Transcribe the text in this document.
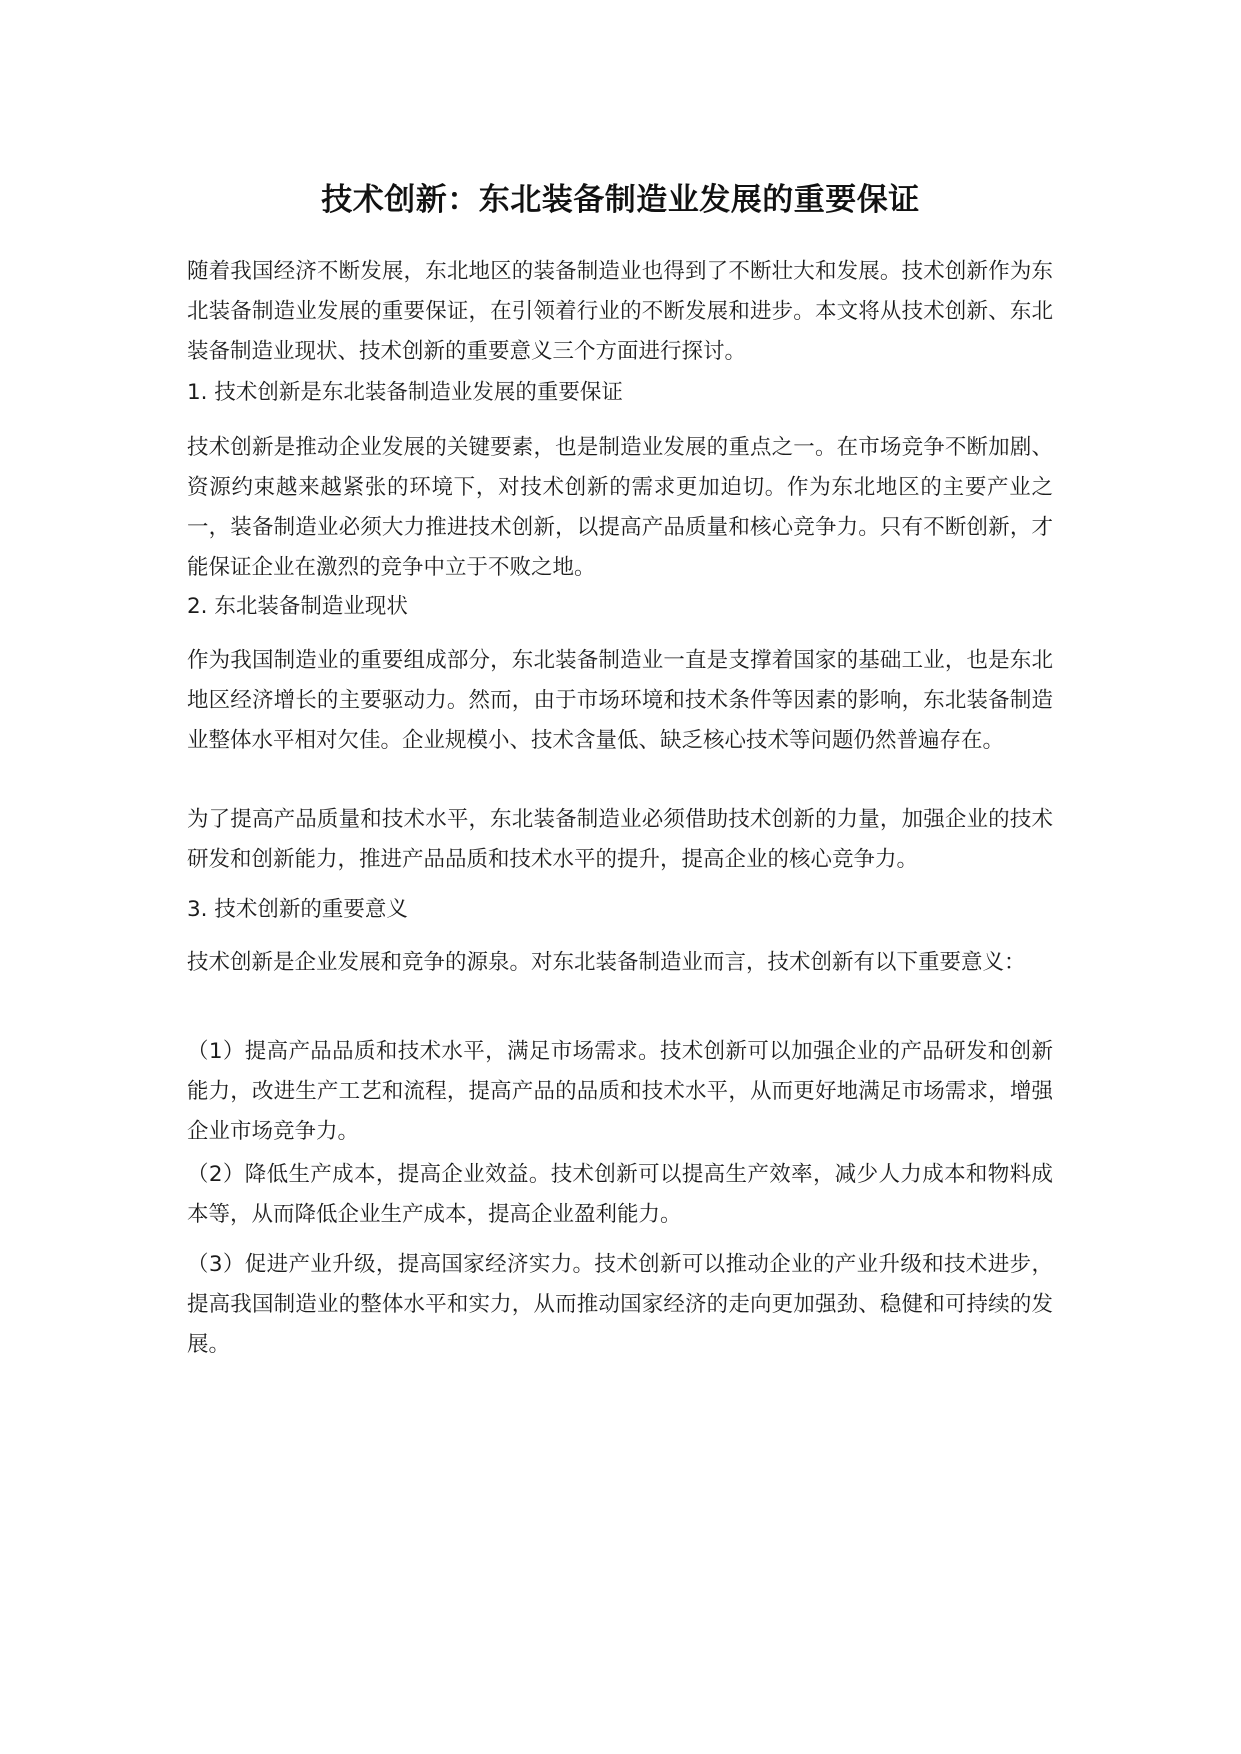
技术创新：东北装备制造业发展的重要保证

随着我国经济不断发展，东北地区的装备制造业也得到了不断壮大和发展。技术创新作为东北装备制造业发展的重要保证，在引领着行业的不断发展和进步。本文将从技术创新、东北装备制造业现状、技术创新的重要意义三个方面进行探讨。

1. 技术创新是东北装备制造业发展的重要保证

技术创新是推动企业发展的关键要素，也是制造业发展的重点之一。在市场竞争不断加剧、资源约束越来越紧张的环境下，对技术创新的需求更加迫切。作为东北地区的主要产业之一，装备制造业必须大力推进技术创新，以提高产品质量和核心竞争力。只有不断创新，才能保证企业在激烈的竞争中立于不败之地。

2. 东北装备制造业现状

作为我国制造业的重要组成部分，东北装备制造业一直是支撑着国家的基础工业，也是东北地区经济增长的主要驱动力。然而，由于市场环境和技术条件等因素的影响，东北装备制造业整体水平相对欠佳。企业规模小、技术含量低、缺乏核心技术等问题仍然普遍存在。

为了提高产品质量和技术水平，东北装备制造业必须借助技术创新的力量，加强企业的技术研发和创新能力，推进产品品质和技术水平的提升，提高企业的核心竞争力。

3. 技术创新的重要意义

技术创新是企业发展和竞争的源泉。对东北装备制造业而言，技术创新有以下重要意义：

（1）提高产品品质和技术水平，满足市场需求。技术创新可以加强企业的产品研发和创新能力，改进生产工艺和流程，提高产品的品质和技术水平，从而更好地满足市场需求，增强企业市场竞争力。

（2）降低生产成本，提高企业效益。技术创新可以提高生产效率，减少人力成本和物料成本等，从而降低企业生产成本，提高企业盈利能力。

（3）促进产业升级，提高国家经济实力。技术创新可以推动企业的产业升级和技术进步，提高我国制造业的整体水平和实力，从而推动国家经济的走向更加强劲、稳健和可持续的发展。
